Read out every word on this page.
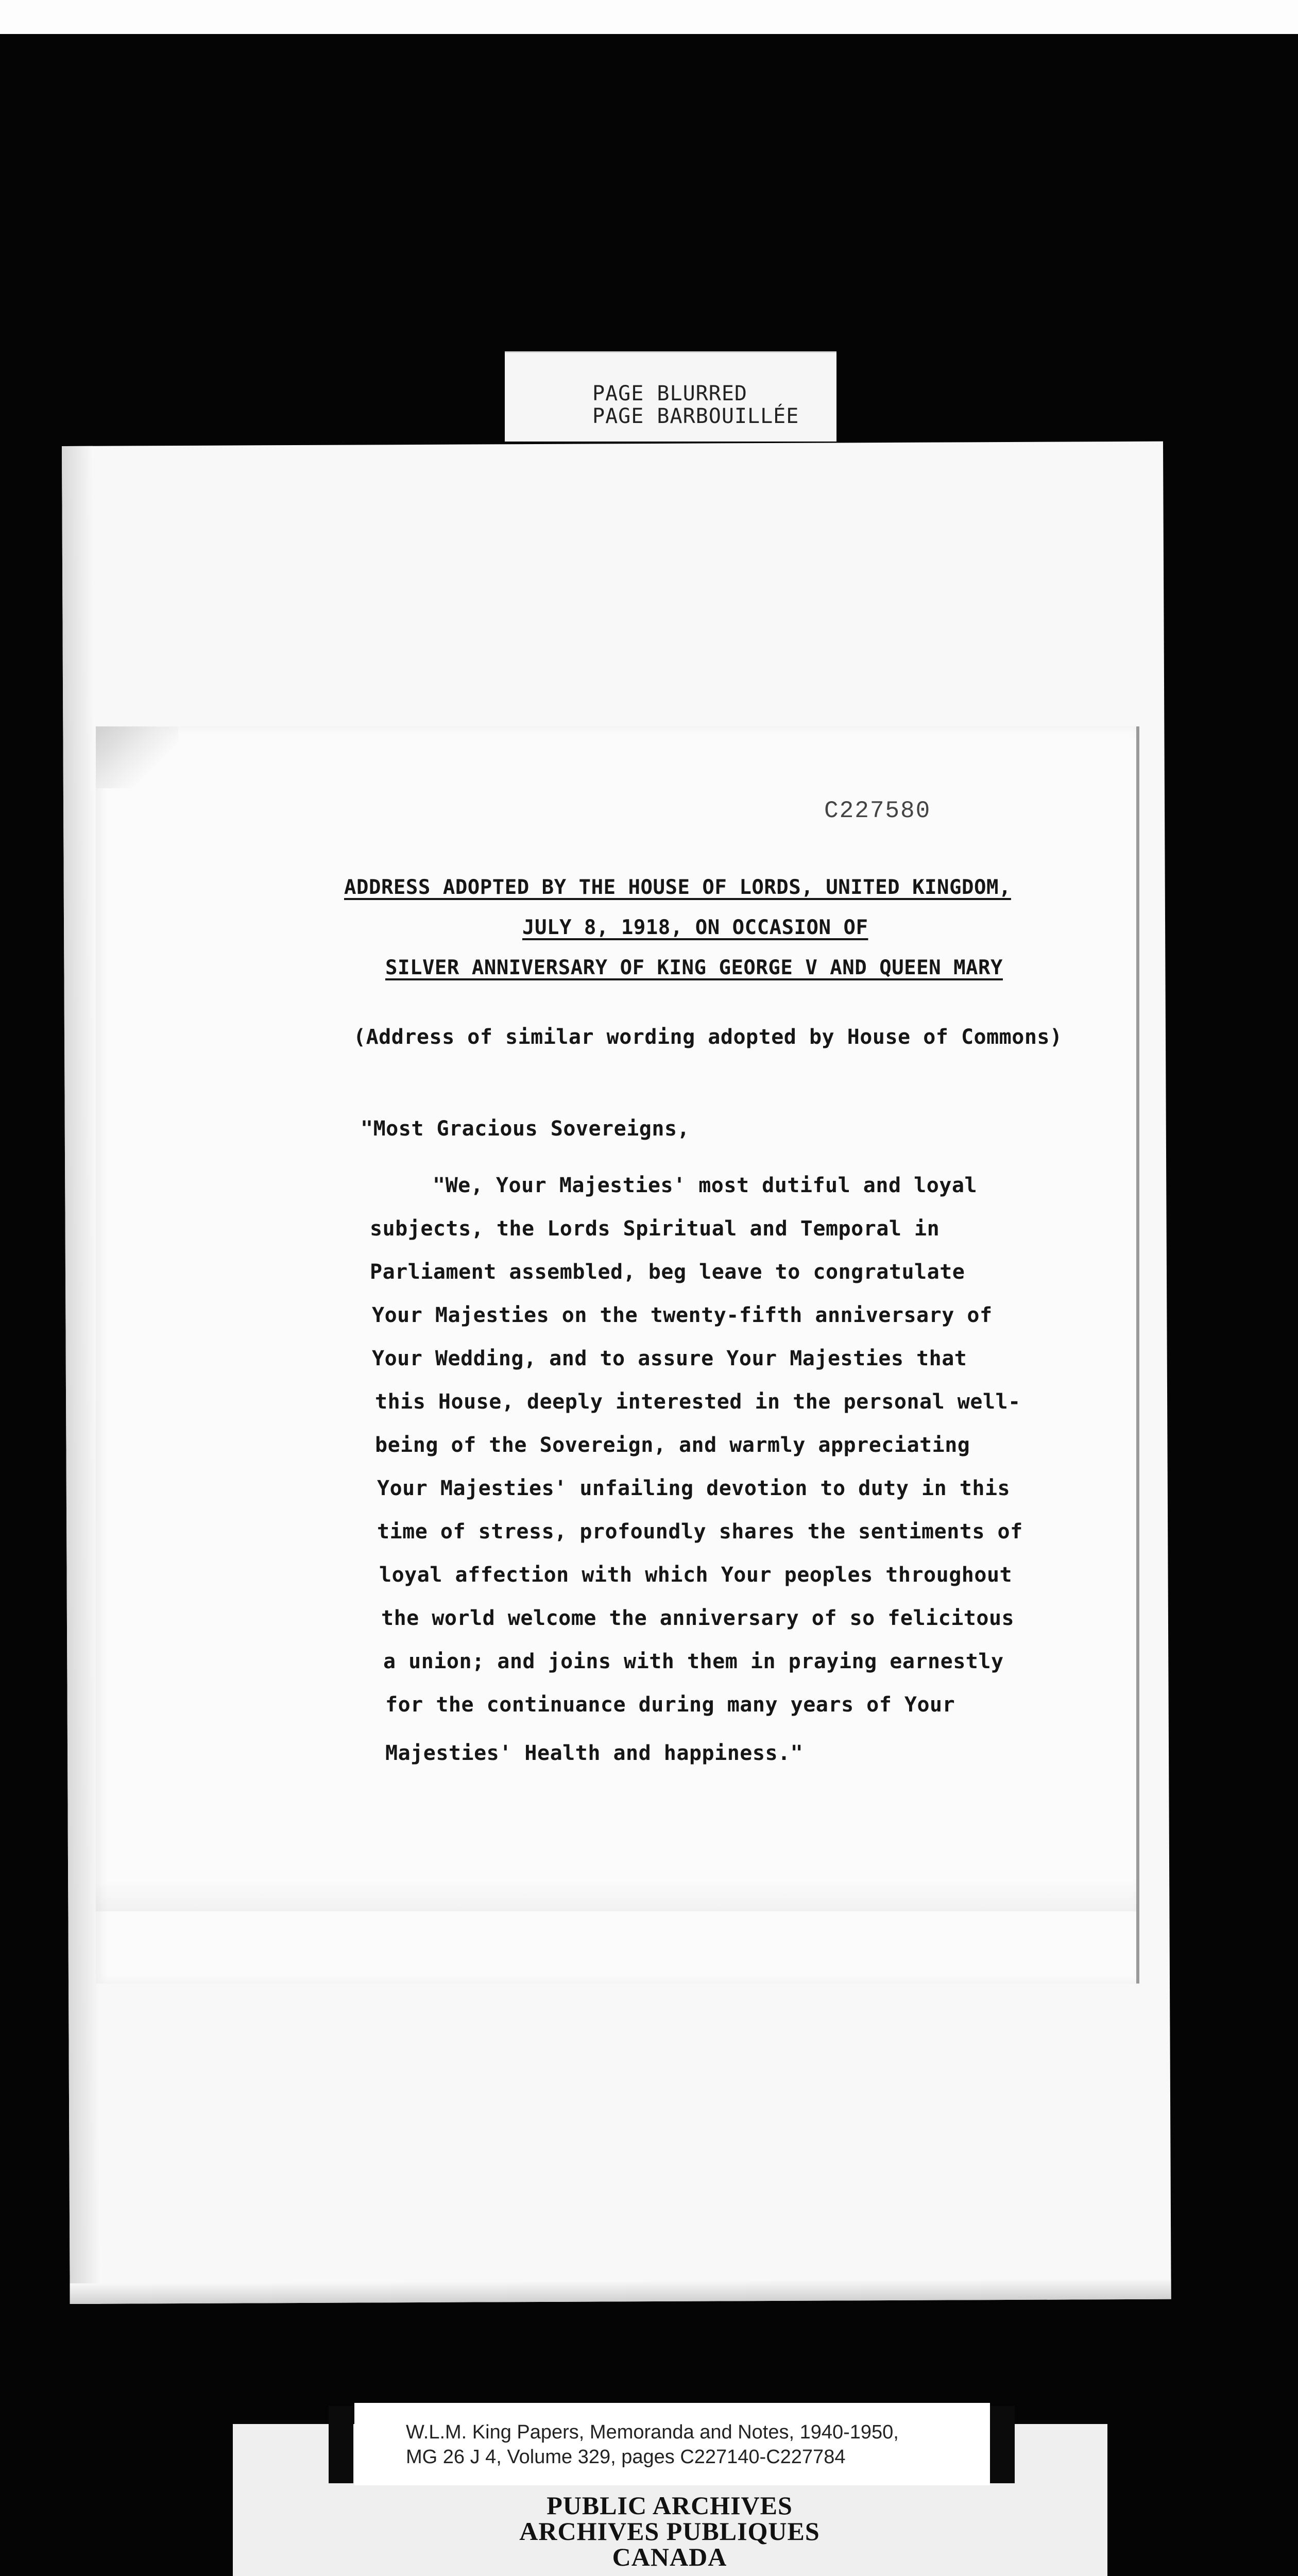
PAGE BLURRED
PAGE BARBOUILLÉE
C227580
ADDRESS ADOPTED BY THE HOUSE OF LORDS, UNITED KINGDOM,
JULY 8, 1918, ON OCCASION OF
SILVER ANNIVERSARY OF KING GEORGE V AND QUEEN MARY
(Address of similar wording adopted by House of Commons)
"Most Gracious Sovereigns,
"We, Your Majesties' most dutiful and loyal
subjects, the Lords Spiritual and Temporal in
Parliament assembled, beg leave to congratulate
Your Majesties on the twenty-fifth anniversary of
Your Wedding, and to assure Your Majesties that
this House, deeply interested in the personal well-
being of the Sovereign, and warmly appreciating
Your Majesties' unfailing devotion to duty in this
time of stress, profoundly shares the sentiments of
loyal affection with which Your peoples throughout
the world welcome the anniversary of so felicitous
a union; and joins with them in praying earnestly
for the continuance during many years of Your
Majesties' Health and happiness."
W.L.M. King Papers, Memoranda and Notes, 1940-1950,
MG 26 J 4, Volume 329, pages C227140-C227784
PUBLIC ARCHIVES
ARCHIVES PUBLIQUES
CANADA
